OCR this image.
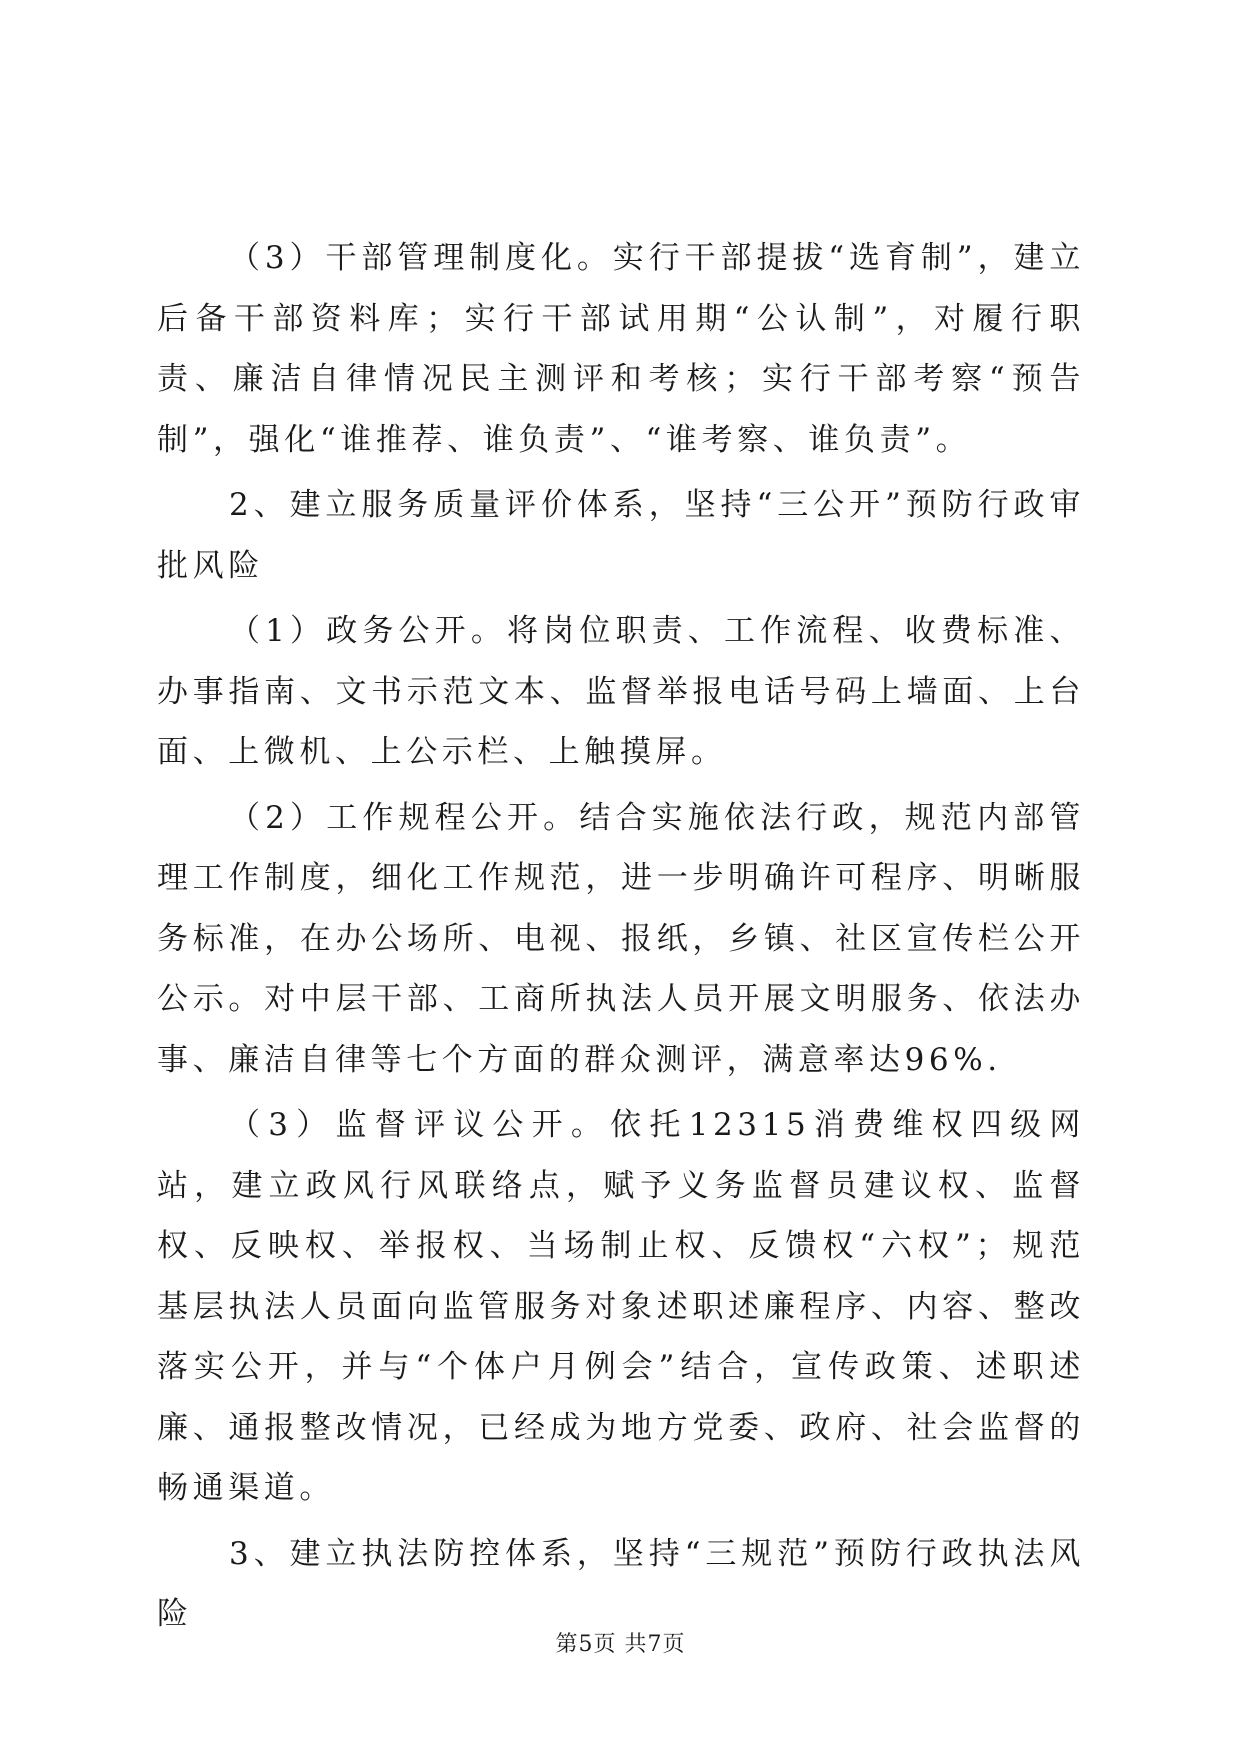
（3）干部管理制度化。实行干部提拔“选育制”，建立后备干部资料库；实行干部试用期“公认制”，对履行职责、廉洁自律情况民主测评和考核；实行干部考察“预告制”，强化“谁推荐、谁负责”、“谁考察、谁负责”。

2、建立服务质量评价体系，坚持“三公开”预防行政审批风险

（1）政务公开。将岗位职责、工作流程、收费标准、办事指南、文书示范文本、监督举报电话号码上墙面、上台面、上微机、上公示栏、上触摸屏。

（2）工作规程公开。结合实施依法行政，规范内部管理工作制度，细化工作规范，进一步明确许可程序、明晰服务标准，在办公场所、电视、报纸，乡镇、社区宣传栏公开公示。对中层干部、工商所执法人员开展文明服务、依法办事、廉洁自律等七个方面的群众测评，满意率达96%.

（3）监督评议公开。依托12315消费维权四级网站，建立政风行风联络点，赋予义务监督员建议权、监督权、反映权、举报权、当场制止权、反馈权“六权”；规范基层执法人员面向监管服务对象述职述廉程序、内容、整改落实公开，并与“个体户月例会”结合，宣传政策、述职述廉、通报整改情况，已经成为地方党委、政府、社会监督的畅通渠道。

3、建立执法防控体系，坚持“三规范”预防行政执法风险

第5页 共7页
